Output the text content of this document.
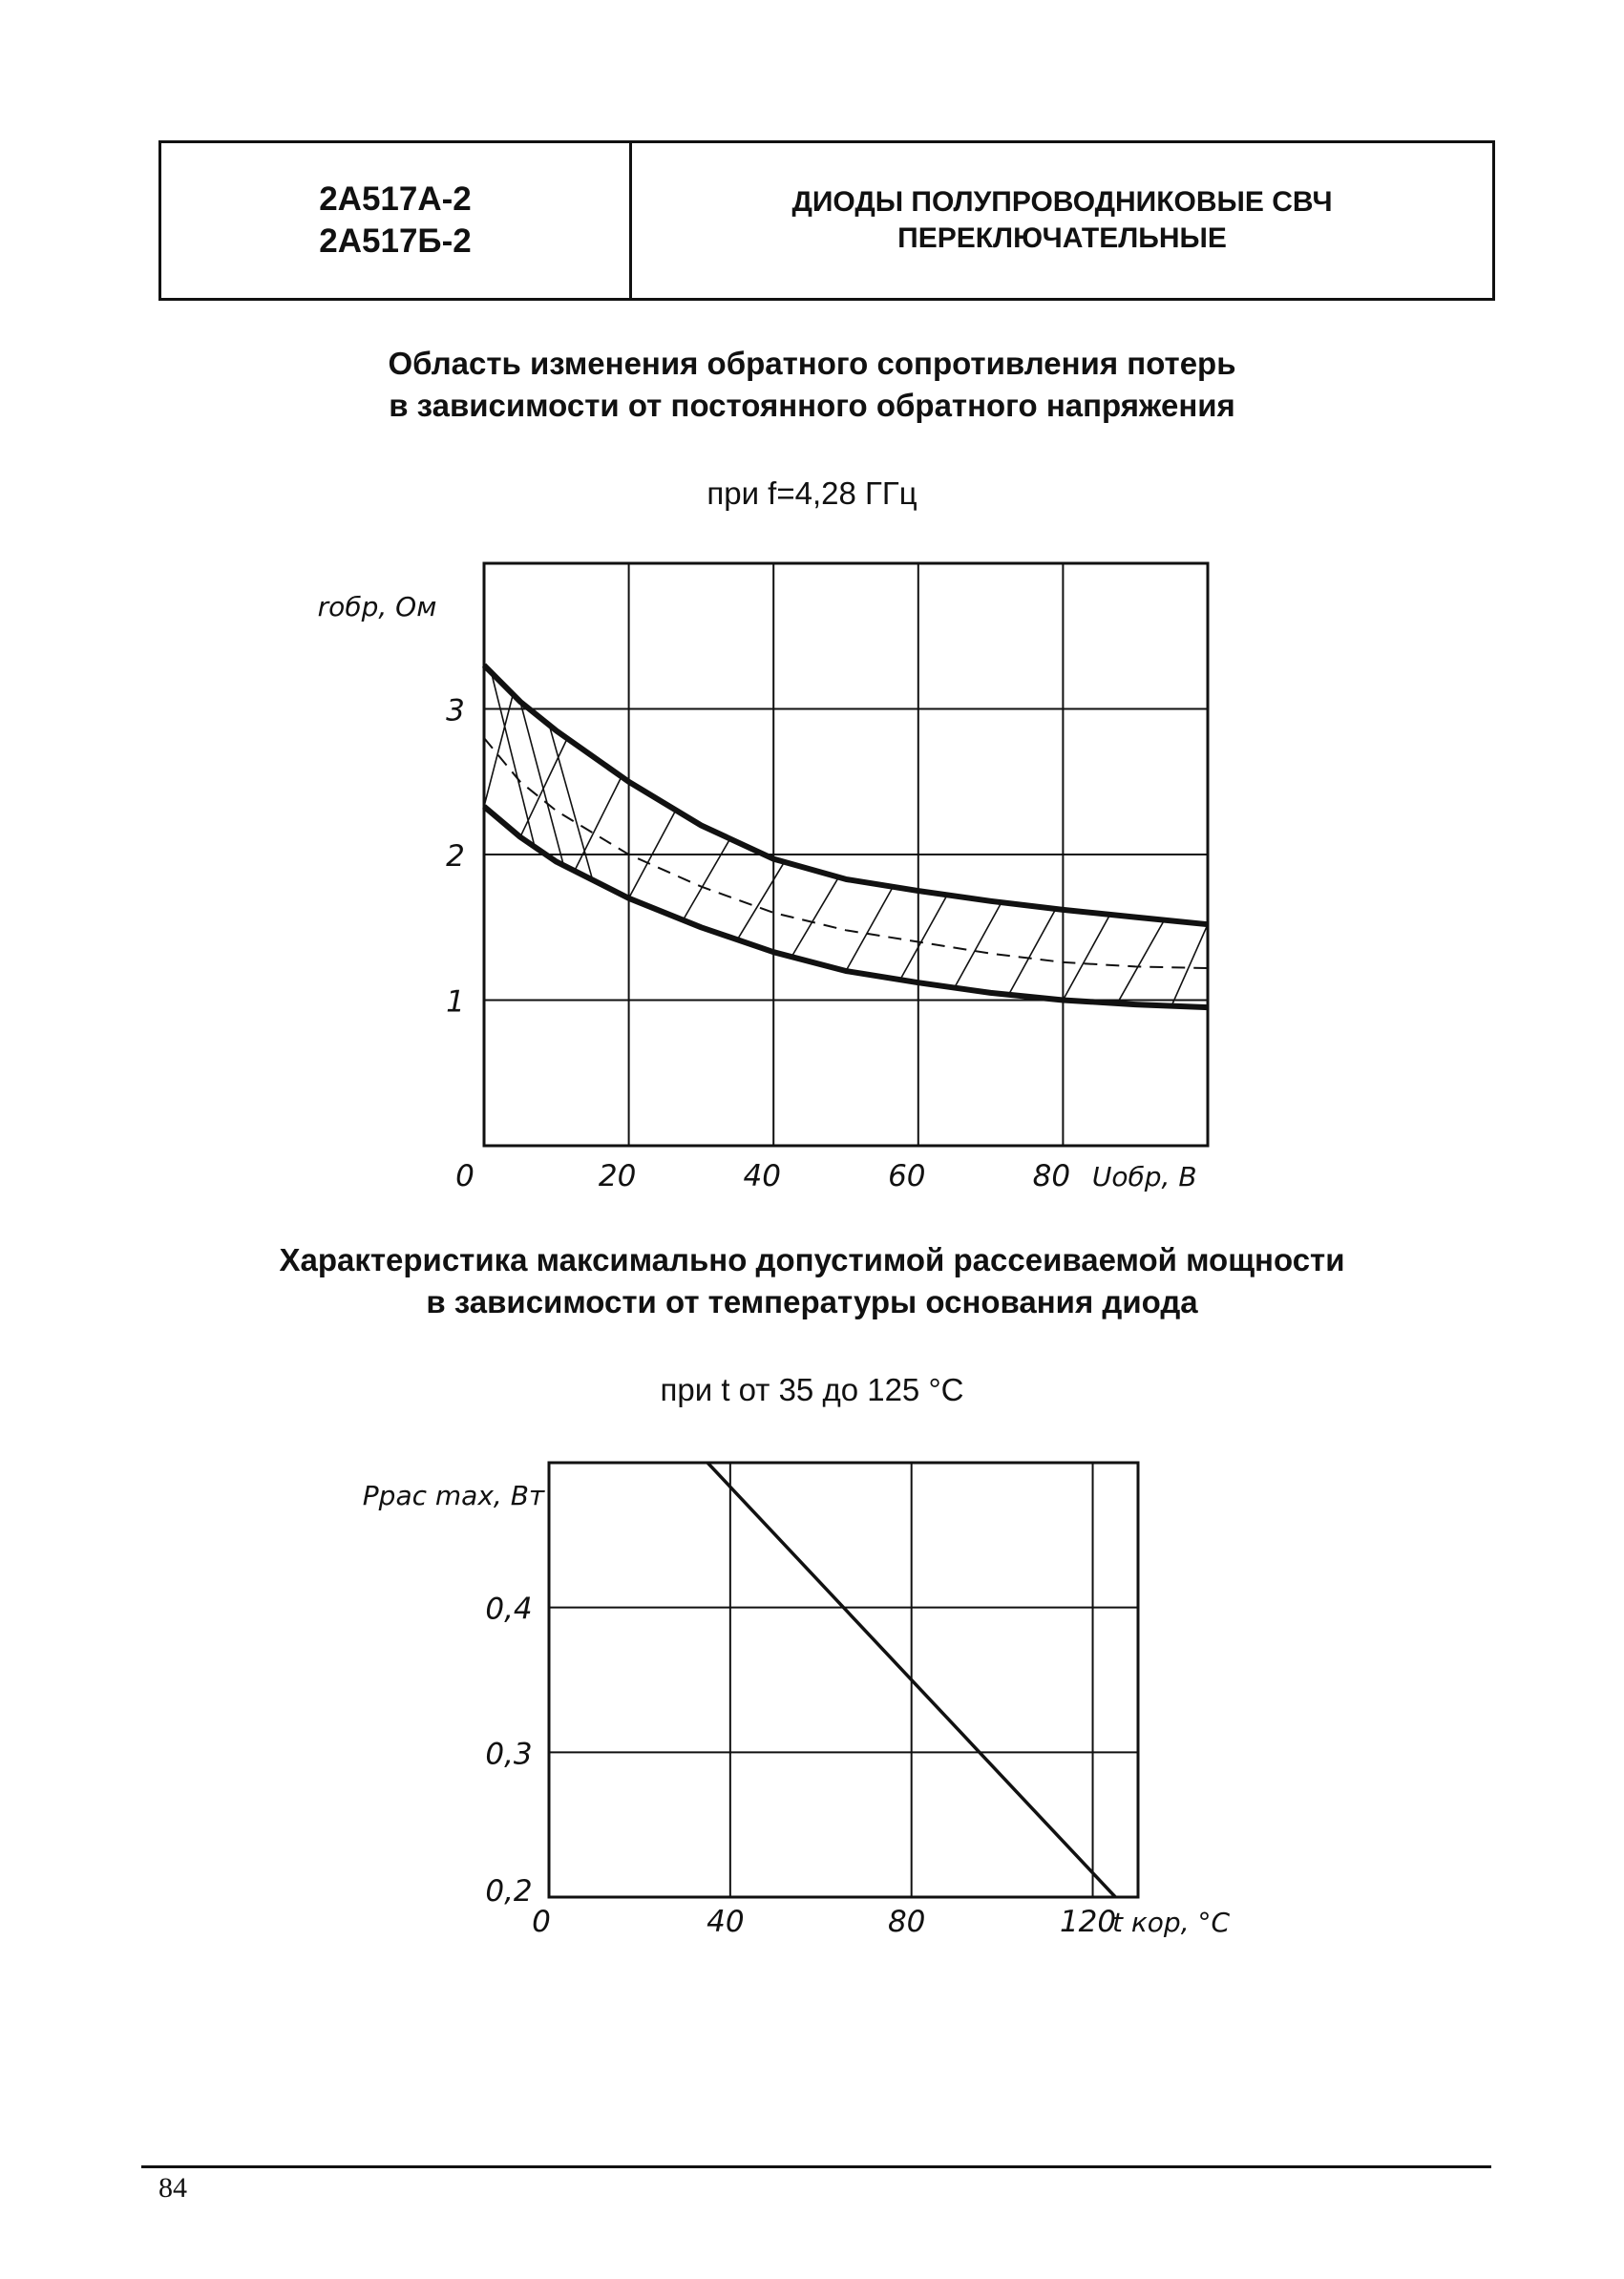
2А517А-2
2А517Б-2
ДИОДЫ ПОЛУПРОВОДНИКОВЫЕ СВЧ
ПЕРЕКЛЮЧАТЕЛЬНЫЕ
Область изменения обратного сопротивления потерь
в зависимости от постоянного обратного напряжения
при f=4,28 ГГц
0	20	40	60	80
1
2
3
Uобр, В
rобр, Ом
Характеристика максимально допустимой рассеиваемой мощности
в зависимости от температуры основания диода
при t от 35 до 125 °С
0	40	80	120
0,2
0,3
0,4
t кор, °С
Pрас max, Вт
84
